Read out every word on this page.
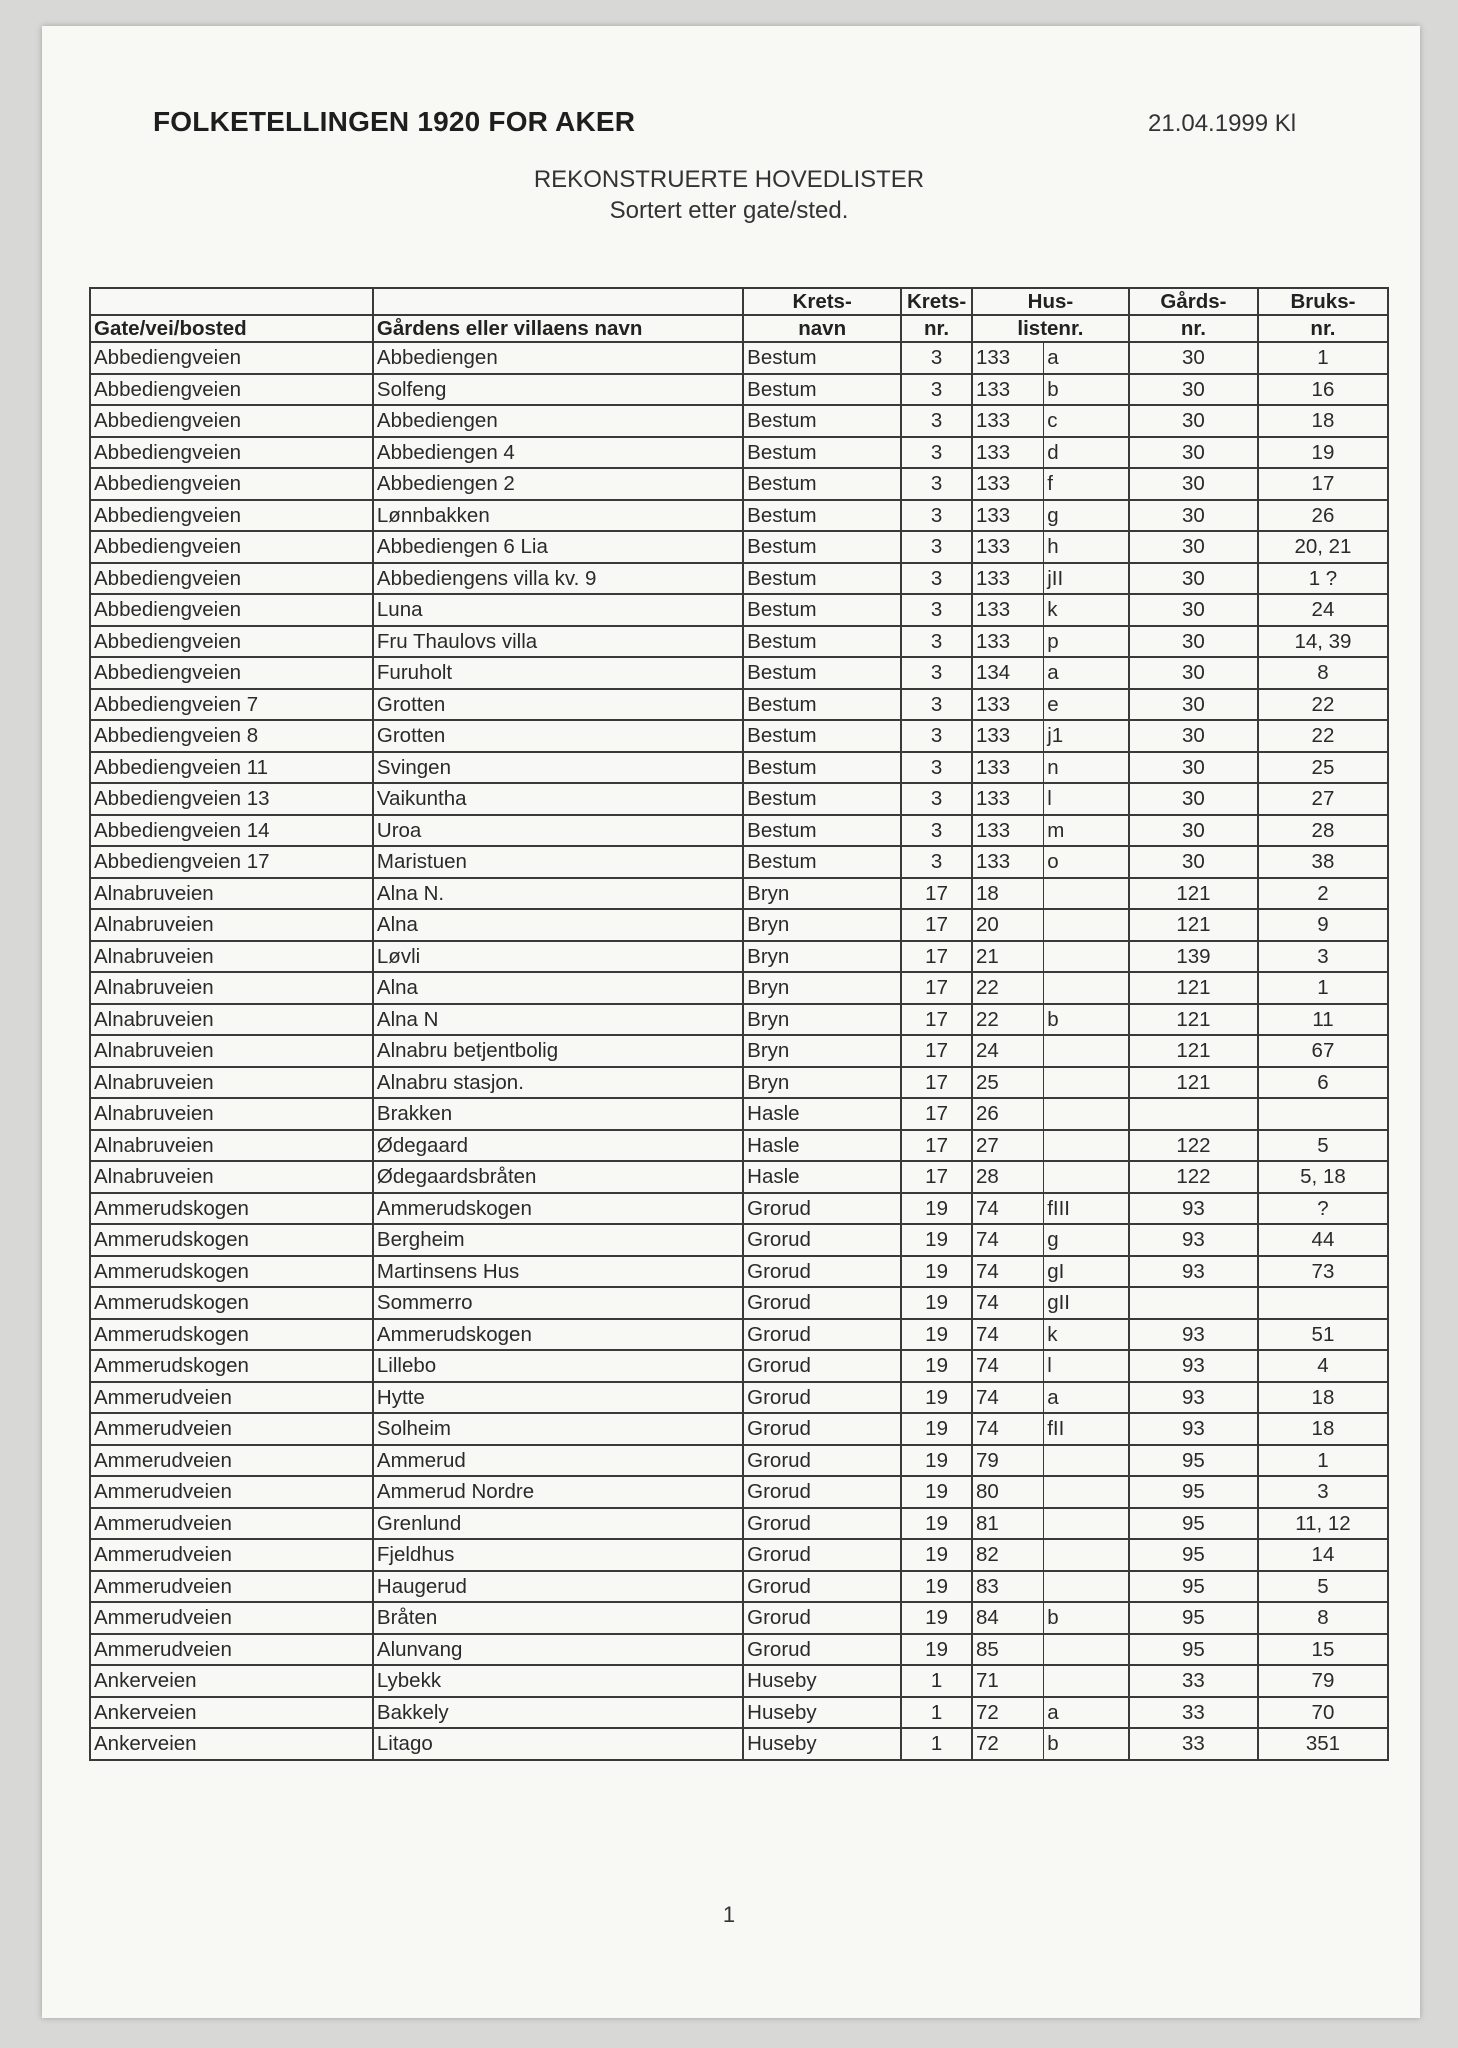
FOLKETELLINGEN 1920 FOR AKER	21.04.1999 Kl
REKONSTRUERTE HOVEDLISTER
Sortert etter gate/sted.
		Krets-	Krets-	Hus-		Gårds-	Bruks-
Gate/vei/bosted	Gårdens eller villaens navn	navn	nr.	listenr.		nr.	nr.
Abbediengveien	Abbediengen	Bestum	3	133	a	30	1
Abbediengveien	Solfeng	Bestum	3	133	b	30	16
Abbediengveien	Abbediengen	Bestum	3	133	c	30	18
Abbediengveien	Abbediengen 4	Bestum	3	133	d	30	19
Abbediengveien	Abbediengen 2	Bestum	3	133	f	30	17
Abbediengveien	Lønnbakken	Bestum	3	133	g	30	26
Abbediengveien	Abbediengen 6 Lia	Bestum	3	133	h	30	20, 21
Abbediengveien	Abbediengens villa kv. 9	Bestum	3	133	jII	30	1 ?
Abbediengveien	Luna	Bestum	3	133	k	30	24
Abbediengveien	Fru Thaulovs villa	Bestum	3	133	p	30	14, 39
Abbediengveien	Furuholt	Bestum	3	134	a	30	8
Abbediengveien 7	Grotten	Bestum	3	133	e	30	22
Abbediengveien 8	Grotten	Bestum	3	133	j1	30	22
Abbediengveien 11	Svingen	Bestum	3	133	n	30	25
Abbediengveien 13	Vaikuntha	Bestum	3	133	l	30	27
Abbediengveien 14	Uroa	Bestum	3	133	m	30	28
Abbediengveien 17	Maristuen	Bestum	3	133	o	30	38
Alnabruveien	Alna N.	Bryn	17	18		121	2
Alnabruveien	Alna	Bryn	17	20		121	9
Alnabruveien	Løvli	Bryn	17	21		139	3
Alnabruveien	Alna	Bryn	17	22		121	1
Alnabruveien	Alna N	Bryn	17	22	b	121	11
Alnabruveien	Alnabru betjentbolig	Bryn	17	24		121	67
Alnabruveien	Alnabru stasjon.	Bryn	17	25		121	6
Alnabruveien	Brakken	Hasle	17	26			
Alnabruveien	Ødegaard	Hasle	17	27		122	5
Alnabruveien	Ødegaardsbråten	Hasle	17	28		122	5, 18
Ammerudskogen	Ammerudskogen	Grorud	19	74	fIII	93	?
Ammerudskogen	Bergheim	Grorud	19	74	g	93	44
Ammerudskogen	Martinsens Hus	Grorud	19	74	gI	93	73
Ammerudskogen	Sommerro	Grorud	19	74	gII		
Ammerudskogen	Ammerudskogen	Grorud	19	74	k	93	51
Ammerudskogen	Lillebo	Grorud	19	74	l	93	4
Ammerudveien	Hytte	Grorud	19	74	a	93	18
Ammerudveien	Solheim	Grorud	19	74	fII	93	18
Ammerudveien	Ammerud	Grorud	19	79		95	1
Ammerudveien	Ammerud Nordre	Grorud	19	80		95	3
Ammerudveien	Grenlund	Grorud	19	81		95	11, 12
Ammerudveien	Fjeldhus	Grorud	19	82		95	14
Ammerudveien	Haugerud	Grorud	19	83		95	5
Ammerudveien	Bråten	Grorud	19	84	b	95	8
Ammerudveien	Alunvang	Grorud	19	85		95	15
Ankerveien	Lybekk	Huseby	1	71		33	79
Ankerveien	Bakkely	Huseby	1	72	a	33	70
Ankerveien	Litago	Huseby	1	72	b	33	351
1
